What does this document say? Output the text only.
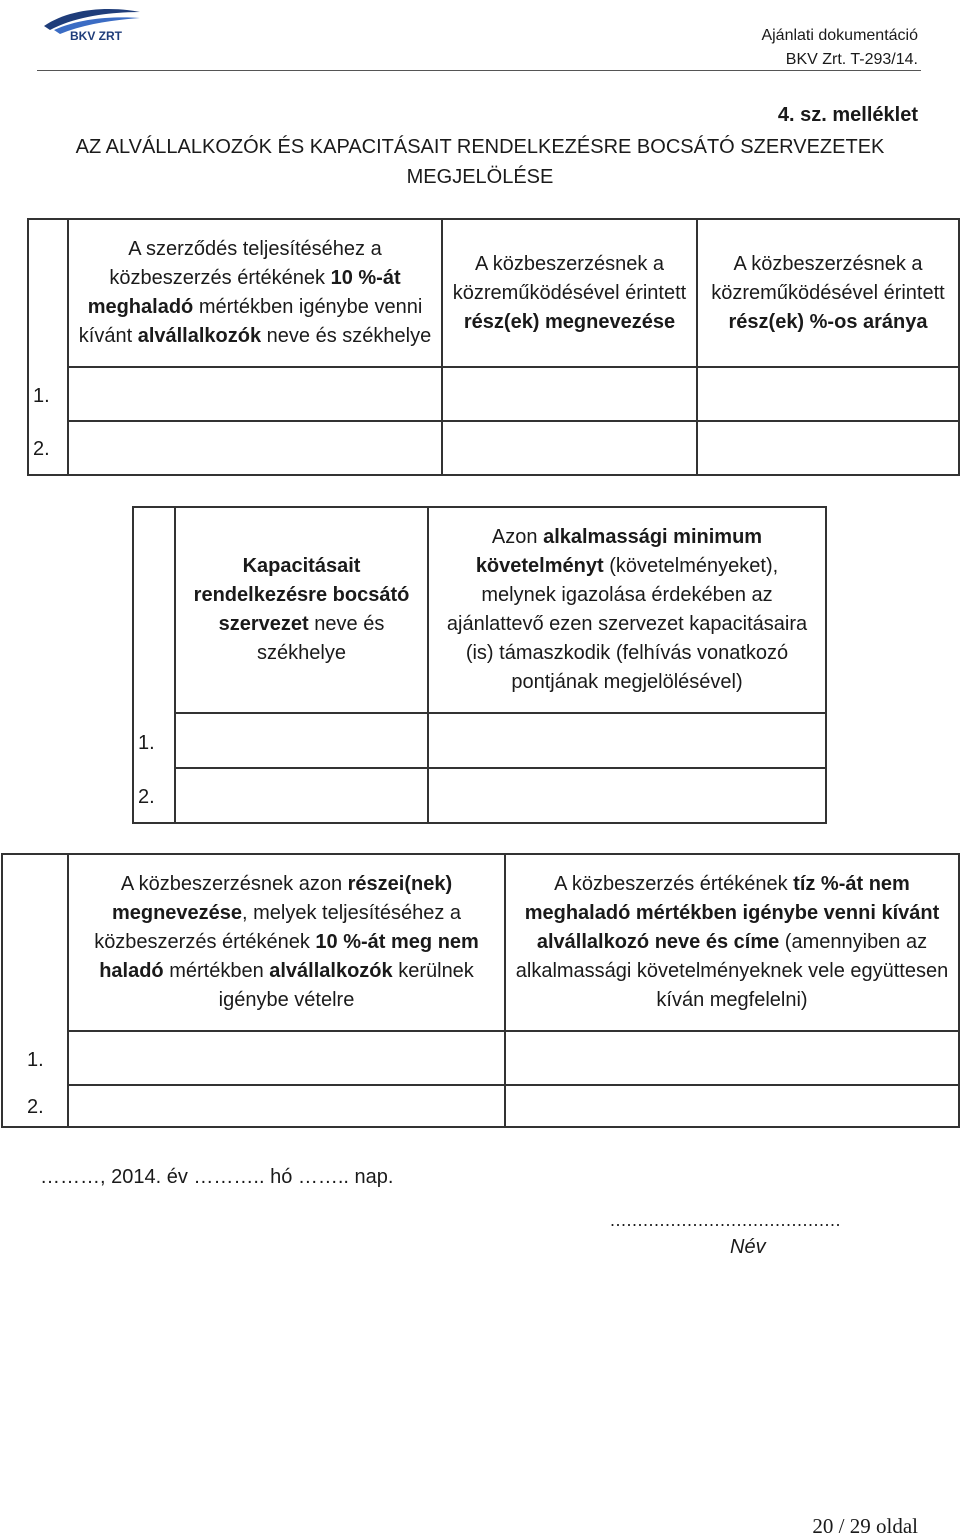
BKV ZRT	Ajánlati dokumentáció
BKV Zrt. T-293/14.
4. sz. melléklet
AZ ALVÁLLALKOZÓK ÉS KAPACITÁSAIT RENDELKEZÉSRE BOCSÁTÓ SZERVEZETEK
MEGJELÖLÉSE
	A szerződés teljesítéséhez a közbeszerzés értékének 10 %-át meghaladó mértékben igénybe venni kívánt alvállalkozók neve és székhelye	A közbeszerzésnek a közreműködésével érintett rész(ek) megnevezése	A közbeszerzésnek a közreműködésével érintett rész(ek) %-os aránya
1.			
2.			
	Kapacitásait rendelkezésre bocsátó szervezet neve és székhelye	Azon alkalmassági minimum követelményt (követelményeket), melynek igazolása érdekében az ajánlattevő ezen szervezet kapacitásaira (is) támaszkodik (felhívás vonatkozó pontjának megjelölésével)
1.		
2.		
	A közbeszerzésnek azon részei(nek) megnevezése, melyek teljesítéséhez a közbeszerzés értékének 10 %-át meg nem haladó mértékben alvállalkozók kerülnek igénybe vételre	A közbeszerzés értékének tíz %-át nem meghaladó mértékben igénybe venni kívánt alvállalkozó neve és címe (amennyiben az alkalmassági követelményeknek vele együttesen kíván megfelelni)
1.		
2.		
………, 2014. év ……….. hó …….. nap.
..........................................
Név
20 / 29 oldal
